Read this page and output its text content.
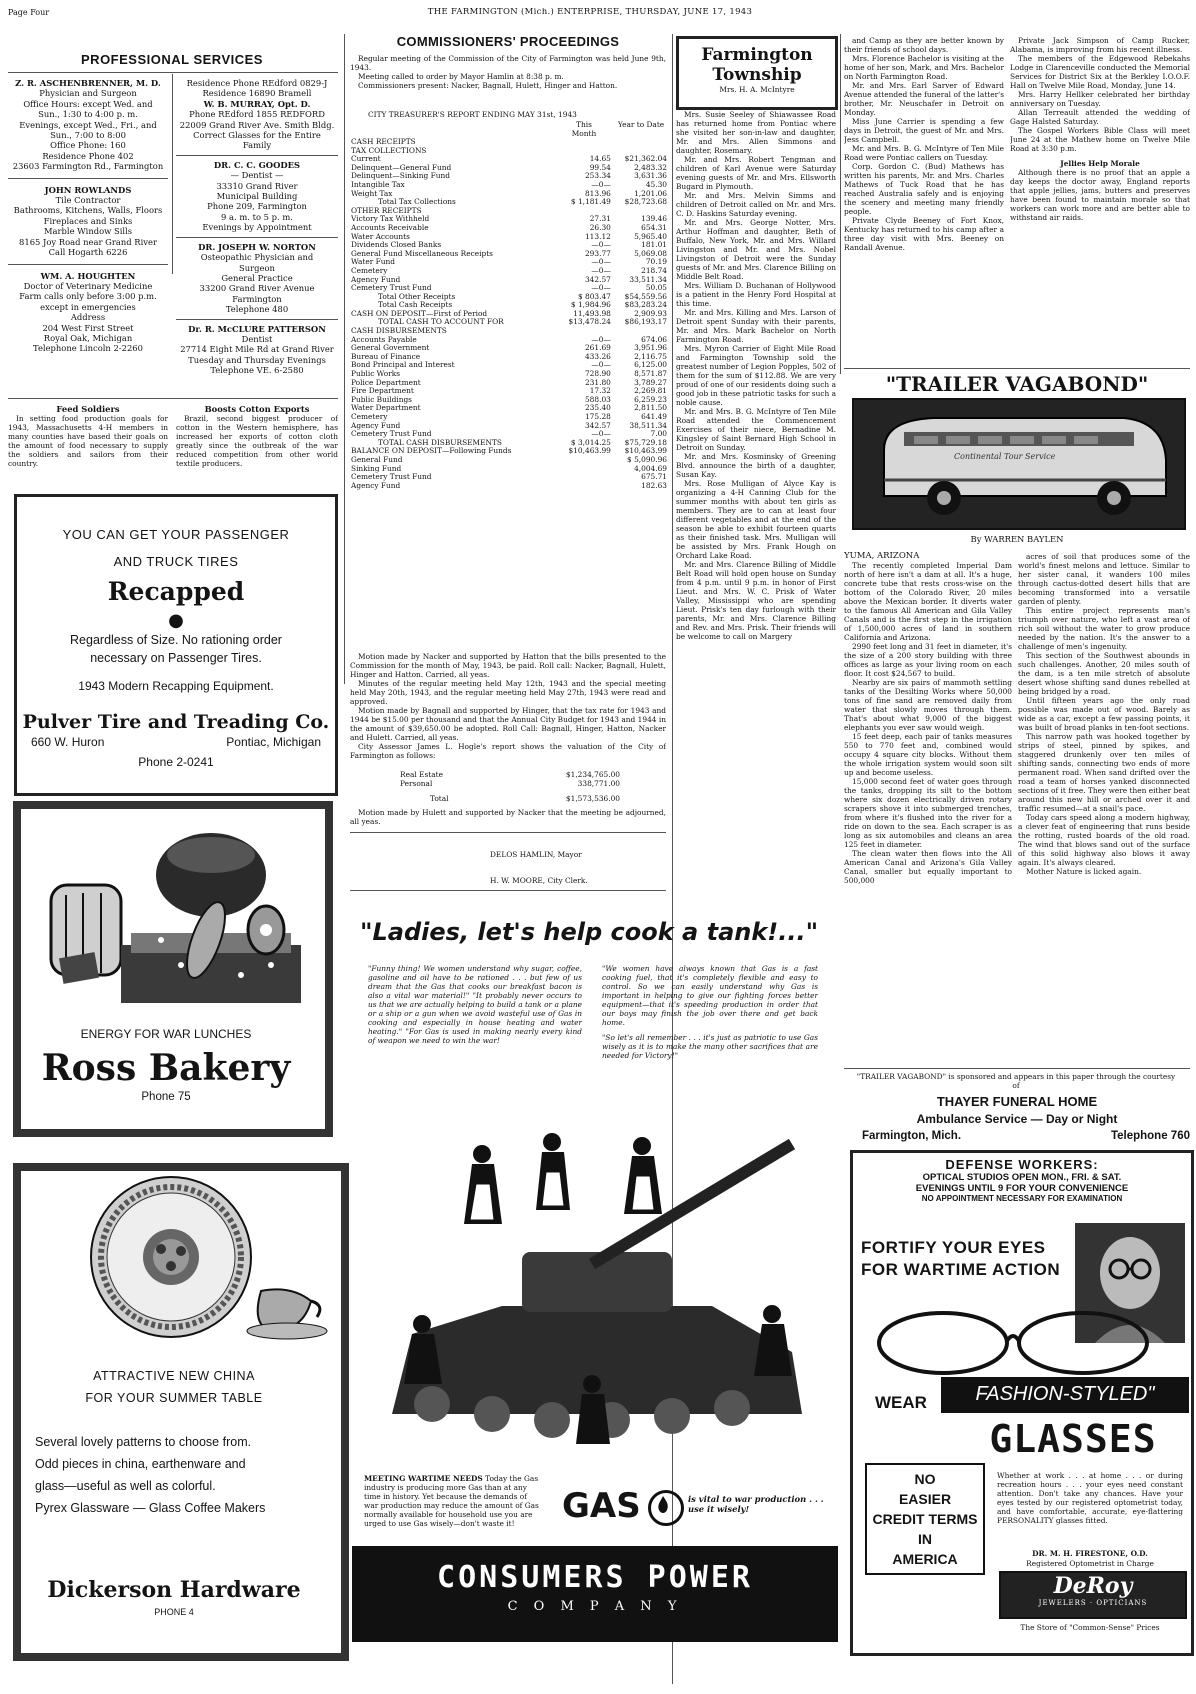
Page Four	THE FARMINGTON (Mich.) ENTERPRISE, THURSDAY, JUNE 17, 1943
PROFESSIONAL SERVICES
Z. R. ASCHENBRENNER, M. D.
Physician and Surgeon
Office Hours: except Wed. and
Sun., 1:30 to 4:00 p. m.
Evenings, except Wed., Fri., and
Sun., 7:00 to 8:00
Office Phone: 160
Residence Phone 402
23603 Farmington Rd., Farmington
JOHN ROWLANDS
Tile Contractor
Bathrooms, Kitchens, Walls, Floors
Fireplaces and Sinks
Marble Window Sills
8165 Joy Road near Grand River
Call Hogarth 6226
WM. A. HOUGHTEN
Doctor of Veterinary Medicine
Farm calls only before 3:00 p.m.
except in emergencies
Address
204 West First Street
Royal Oak, Michigan
Telephone Lincoln 2-2260
Residence Phone REdford 0829-J
Residence 16890 Bramell
W. B. MURRAY, Opt. D.
Phone REdford 1855 REDFORD
22009 Grand River Ave. Smith Bldg.
Correct Glasses for the Entire
Family
DR. C. C. GOODES
— Dentist —
33310 Grand River
Municipal Building
Phone 209, Farmington
9 a. m. to 5 p. m.
Evenings by Appointment
DR. JOSEPH W. NORTON
Osteopathic Physician and
Surgeon
General Practice
33200 Grand River Avenue
Farmington
Telephone 480
Dr. R. McCLURE PATTERSON
Dentist
27714 Eight Mile Rd at Grand River
Tuesday and Thursday Evenings
Telephone VE. 6-2580
Feed Soldiers

In setting food production goals for 1943, Massachusetts 4-H members in many counties have based their goals on the amount of food necessary to supply the soldiers and sailors from their country.

Boosts Cotton Exports

Brazil, second biggest producer of cotton in the Western hemisphere, has increased her exports of cotton cloth greatly since the outbreak of the war reduced competition from other world textile producers.

YOU CAN GET YOUR PASSENGER
AND TRUCK TIRES
Recapped
●
Regardless of Size. No rationing order
necessary on Passenger Tires.
1943 Modern Recapping Equipment.
Pulver Tire and Treading Co.
660 W. Huron	Pontiac, Michigan
Phone 2-0241
ENERGY FOR WAR LUNCHES
Ross Bakery
Phone 75
ATTRACTIVE NEW CHINA
FOR YOUR SUMMER TABLE
Several lovely patterns to choose from.
Odd pieces in china, earthenware and
glass—useful as well as colorful.
Pyrex Glassware — Glass Coffee Makers
Dickerson Hardware
PHONE 4
COMMISSIONERS' PROCEEDINGS

Regular meeting of the Commission of the City of Farmington was held June 9th, 1943.

Meeting called to order by Mayor Hamlin at 8:38 p. m.

Commissioners present: Nacker, Bagnall, Hulett, Hinger and Hatton.

CITY TREASURER'S REPORT ENDING MAY 31st, 1943
This Month
Year to Date
CASH RECEIPTS		
TAX COLLECTIONS		
Current	14.65	$21,362.04
Delinquent—General Fund	99.54	2,483.32
Delinquent—Sinking Fund	253.34	3,631.36
Intangible Tax	—0—	45.30
Weight Tax	813.96	1,201.06
Total Tax Collections	$ 1,181.49	$28,723.68
OTHER RECEIPTS		
Victory Tax Withheld	27.31	139.46
Accounts Receivable	26.30	654.31
Water Accounts	113.12	5,965.40
Dividends Closed Banks	—0—	181.01
General Fund Miscellaneous Receipts	293.77	5,069.08
Water Fund	—0—	70.19
Cemetery	—0—	218.74
Agency Fund	342.57	33,511.34
Cemetery Trust Fund	—0—	50.05
Total Other Receipts	$ 803.47	$54,559.56
Total Cash Receipts	$ 1,984.96	$83,283.24
CASH ON DEPOSIT—First of Period	11,493.98	2,909.93
TOTAL CASH TO ACCOUNT FOR	$13,478.24	$86,193.17
CASH DISBURSEMENTS		
Accounts Payable	—0—	674.06
General Government	261.69	3,951.96
Bureau of Finance	433.26	2,116.75
Bond Principal and Interest	—0—	6,125.00
Public Works	728.90	8,571.87
Police Department	231.80	3,789.27
Fire Department	17.32	2,269.81
Public Buildings	588.03	6,259.23
Water Department	235.40	2,811.50
Cemetery	175.28	641.49
Agency Fund	342.57	38,511.34
Cemetery Trust Fund	—0—	7.00
TOTAL CASH DISBURSEMENTS	$ 3,014.25	$75,729.18
BALANCE ON DEPOSIT—Following Funds	$10,463.99	$10,463.99
General Fund		$ 5,090.96
Sinking Fund		4,004.69
Cemetery Trust Fund		675.71
Agency Fund		182.63

Motion made by Nacker and supported by Hatton that the bills presented to the Commission for the month of May, 1943, be paid. Roll call: Nacker, Bagnall, Hulett, Hinger and Hatton. Carried, all yeas.

Minutes of the regular meeting held May 12th, 1943 and the special meeting held May 20th, 1943, and the regular meeting held May 27th, 1943 were read and approved.

Motion made by Bagnall and supported by Hinger, that the tax rate for 1943 and 1944 be $15.00 per thousand and that the Annual City Budget for 1943 and 1944 in the amount of $39,650.00 be adopted. Roll Call: Bagnall, Hinger, Hatton, Nacker and Hulett. Carried, all yeas.

City Assessor James L. Hogle's report shows the valuation of the City of Farmington as follows:

Real Estate	$1,234,765.00
Personal	338,771.00
Total	$1,573,536.00

Motion made by Hulett and supported by Nacker that the meeting be adjourned, all yeas.

DELOS HAMLIN, Mayor
H. W. MOORE, City Clerk.
Farmington
Township
Mrs. H. A. McIntyre

Mrs. Susie Seeley of Shiawassee Road has returned home from Pontiac where she visited her son-in-law and daughter, Mr. and Mrs. Allen Simmons and daughter, Rosemary.

Mr. and Mrs. Robert Tengman and children of Karl Avenue were Saturday evening guests of Mr. and Mrs. Ellsworth Bugard in Plymouth.

Mr. and Mrs. Melvin Simms and children of Detroit called on Mr. and Mrs. C. D. Haskins Saturday evening.

Mr. and Mrs. George Notter, Mrs. Arthur Hoffman and daughter, Beth of Buffalo, New York, Mr. and Mrs. Willard Livingston and Mr. and Mrs. Nobel Livingston of Detroit were the Sunday guests of Mr. and Mrs. Clarence Billing on Middle Belt Road.

Mrs. William D. Buchanan of Hollywood is a patient in the Henry Ford Hospital at this time.

Mr. and Mrs. Killing and Mrs. Larson of Detroit spent Sunday with their parents, Mr. and Mrs. Mark Bachelor on North Farmington Road.

Mrs. Myron Carrier of Eight Mile Road and Farmington Township sold the greatest number of Legion Popples, 502 of them for the sum of $112.88. We are very proud of one of our residents doing such a good job in these patriotic tasks for such a noble cause.

Mr. and Mrs. B. G. McIntyre of Ten Mile Road attended the Commencement Exercises of their niece, Bernadine M. Kingsley of Saint Bernard High School in Detroit on Sunday.

Mr. and Mrs. Kosminsky of Greening Blvd. announce the birth of a daughter, Susan Kay.

Mrs. Rose Mulligan of Alyce Kay is organizing a 4-H Canning Club for the summer months with about ten girls as members. They are to can at least four different vegetables and at the end of the season be able to exhibit fourteen quarts as their finished task. Mrs. Mulligan will be assisted by Mrs. Frank Hough on Orchard Lake Road.

Mr. and Mrs. Clarence Billing of Middle Belt Road will hold open house on Sunday from 4 p.m. until 9 p.m. in honor of First Lieut. and Mrs. W. C. Prisk of Water Valley, Mississippi who are spending Lieut. Prisk's ten day furlough with their parents, Mr. and Mrs. Clarence Billing and Rev. and Mrs. Prisk. Their friends will be welcome to call on Margery

and Camp as they are better known by their friends of school days.

Mrs. Florence Bachelor is visiting at the home of her son, Mark, and Mrs. Bachelor on North Farmington Road.

Mr. and Mrs. Earl Sarver of Edward Avenue attended the funeral of the latter's brother, Mr. Neuschafer in Detroit on Monday.

Miss June Carrier is spending a few days in Detroit, the guest of Mr. and Mrs. Jess Campbell.

Mr. and Mrs. B. G. McIntyre of Ten Mile Road were Pontiac callers on Tuesday.

Corp. Gordon C. (Bud) Mathews has written his parents, Mr. and Mrs. Charles Mathews of Tuck Road that he has reached Australia safely and is enjoying the scenery and meeting many friendly people.

Private Clyde Beeney of Fort Knox, Kentucky has returned to his camp after a three day visit with Mrs. Beeney on Randall Avenue.

Private Jack Simpson of Camp Rucker, Alabama, is improving from his recent illness.

The members of the Edgewood Rebekahs Lodge in Clarenceville conducted the Memorial Services for District Six at the Berkley I.O.O.F. Hall on Twelve Mile Road, Monday, June 14.

Mrs. Harry Hellker celebrated her birthday anniversary on Tuesday.

Allan Terreault attended the wedding of Gage Halsted Saturday.

The Gospel Workers Bible Class will meet June 24 at the Mathew home on Twelve Mile Road at 3:30 p.m.

Jellies Help Morale

Although there is no proof that an apple a day keeps the doctor away, England reports that apple jellies, jams, butters and preserves have been found to maintain morale so that workers can work more and are better able to withstand air raids.

"TRAILER VAGABOND"
Continental Tour Service
By WARREN BAYLEN
YUMA, ARIZONA

The recently completed Imperial Dam north of here isn't a dam at all. It's a huge, concrete tube that rests cross-wise on the bottom of the Colorado River, 20 miles above the Mexican border. It diverts water to the famous All American and Gila Valley Canals and is the first step in the irrigation of 1,500,000 acres of land in southern California and Arizona.

2990 feet long and 31 feet in diameter, it's the size of a 200 story building with three offices as large as your living room on each floor. It cost $24,567 to build.

Nearby are six pairs of mammoth settling tanks of the Desilting Works where 50,000 tons of fine sand are removed daily from water that slowly moves through them. That's about what 9,000 of the biggest elephants you ever saw would weigh.

15 feet deep, each pair of tanks measures 550 to 770 feet and, combined would occupy 4 square city blocks. Without them the whole irrigation system would soon silt up and become useless.

15,000 second feet of water goes through the tanks, dropping its silt to the bottom where six dozen electrically driven rotary scrapers shove it into submerged trenches, from where it's flushed into the river for a ride on down to the sea. Each scraper is as long as six automobiles and cleans an area 125 feet in diameter.

The clean water then flows into the All American Canal and Arizona's Gila Valley Canal, smaller but equally important to 500,000

acres of soil that produces some of the world's finest melons and lettuce. Similar to her sister canal, it wanders 100 miles through cactus-dotted desert hills that are becoming transformed into a versatile garden of plenty.

This entire project represents man's triumph over nature, who left a vast area of rich soil without the water to grow produce needed by the nation. It's the answer to a challenge of men's ingenuity.

This section of the Southwest abounds in such challenges. Another, 20 miles south of the dam, is a ten mile stretch of absolute desert whose shifting sand dunes rebelled at being bridged by a road.

Until fifteen years ago the only road possible was made out of wood. Barely as wide as a car, except a few passing points, it was built of broad planks in ten-foot sections.

This narrow path was hooked together by strips of steel, pinned by spikes, and staggered drunkenly over ten miles of shifting sands, connecting two ends of more permanent road. When sand drifted over the road a team of horses yanked disconnected sections of it free. They were then either beat around this new hill or arched over it and traffic resumed—at a snail's pace.

Today cars speed along a modern highway, a clever feat of engineering that runs beside the rotting, rusted boards of the old road. The wind that blows sand out of the surface of this solid highway also blows it away again. It's always cleared.

Mother Nature is licked again.

"TRAILER VAGABOND" is sponsored and appears in this paper through the courtesy of
THAYER FUNERAL HOME
Ambulance Service — Day or Night
Farmington, Mich.	Telephone 760
"Ladies, let's help cook a tank!..."
"Funny thing! We women understand why sugar, coffee, gasoline and oil have to be rationed . . . but few of us dream that the Gas that cooks our breakfast bacon is also a vital war material!" "It probably never occurs to us that we are actually helping to build a tank or a plane or a ship or a gun when we avoid wasteful use of Gas in cooking and especially in house heating and water heating." "For Gas is used in making nearly every kind of weapon we need to win the war!

"We women have always known that Gas is a fast cooking fuel, that it's completely flexible and easy to control. So we can easily understand why Gas is important in helping to give our fighting forces better equipment—that it's speeding production in order that our boys may finish the job over there and get back home.

"So let's all remember . . . it's just as patriotic to use Gas wisely as it is to make the many other sacrifices that are needed for Victory!"

MEETING WARTIME NEEDS Today the Gas industry is producing more Gas than at any time in history. Yet because the demands of war production may reduce the amount of Gas normally available for household use you are urged to use Gas wisely—don't waste it!	GAS	is vital to war production . . . use it wisely!
CONSUMERS POWER
C O M P A N Y
DEFENSE WORKERS:
OPTICAL STUDIOS OPEN MON., FRI. & SAT.
EVENINGS UNTIL 9 FOR YOUR CONVENIENCE
NO APPOINTMENT NECESSARY FOR EXAMINATION
FORTIFY YOUR EYES
FOR WARTIME ACTION
WEAR	FASHION-STYLED"
GLASSES
NO
EASIER
CREDIT TERMS
IN
AMERICA
Whether at work . . . at home . . . or during recreation hours . . . your eyes need constant attention. Don't take any chances. Have your eyes tested by our registered optometrist today, and have comfortable, accurate, eye-flattering PERSONALITY glasses fitted.
DR. M. H. FIRESTONE, O.D.
Registered Optometrist in Charge
DeRoy
JEWELERS · OPTICIANS
The Store of "Common-Sense" Prices
